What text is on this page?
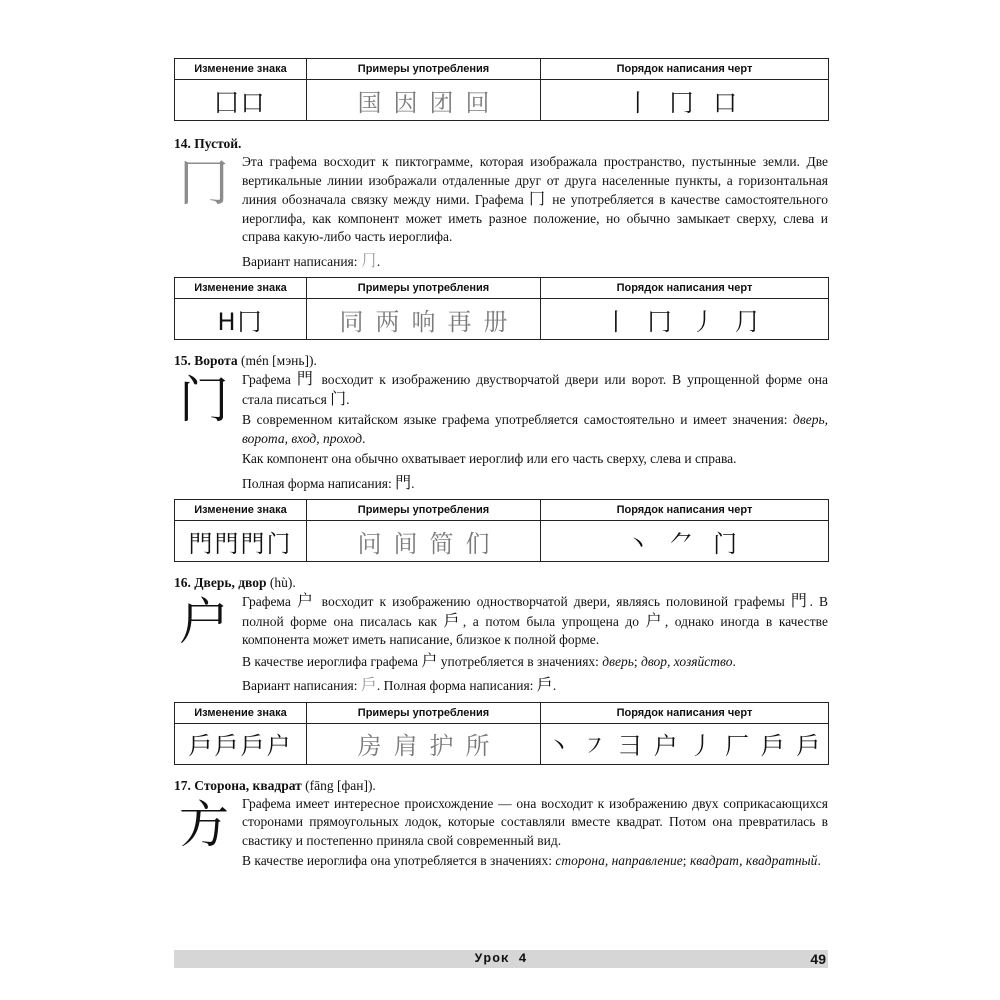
Изменение знака	Примеры употребления	Порядок написания черт
囗口	国 因 团 回	丨 冂 口

14. Пустой.

冂 Эта графема восходит к пиктограмме, которая изображала пространство, пустынные земли. Две вертикальные линии изображали отдаленные друг от друга населенные пункты, а горизонтальная линия обозначала связку между ними. Графема 冂 не употребляется в качестве самостоятельного иероглифа, как компонент может иметь разное положение, но обычно замыкает сверху, слева и справа какую-либо часть иероглифа.

Вариант написания: ⺆.

Изменение знака	Примеры употребления	Порядок написания черт
H冂	同 两 响 再 册	丨 冂 丿 ⺆

15. Ворота (mén [мэнь]).

门 Графема 門 восходит к изображению двустворчатой двери или ворот. В упрощенной форме она стала писаться 门.

В современном китайском языке графема употребляется самостоятельно и имеет значения: дверь, ворота, вход, проход.

Как компонент она обычно охватывает иероглиф или его часть сверху, слева и справа.

Полная форма написания: 門.

Изменение знака	Примеры употребления	Порядок написания черт
門門門门	问 间 简 们	丶 ⺈ 门

16. Дверь, двор (hù).

户 Графема 户 восходит к изображению одностворчатой двери, являясь половиной графемы 門. В полной форме она писалась как 戶, а потом была упрощена до 户, однако иногда в качестве компонента может иметь написание, близкое к полной форме.

В качестве иероглифа графема 户 употребляется в значениях: дверь; двор, хозяйство.

Вариант написания: 戶. Полная форма написания: 戶.

Изменение знака	Примеры употребления	Порядок написания черт
戶戶戶户	房 肩 护 所	丶 ㇇ 彐 户 丿 厂 戶 戶

17. Сторона, квадрат (fāng [фан]).

方 Графема имеет интересное происхождение — она восходит к изображению двух соприкасающихся сторонами прямоугольных лодок, которые составляли вместе квадрат. Потом она превратилась в свастику и постепенно приняла свой современный вид.

В качестве иероглифа она употребляется в значениях: сторона, направление; квадрат, квадратный.

Урок 4	49
